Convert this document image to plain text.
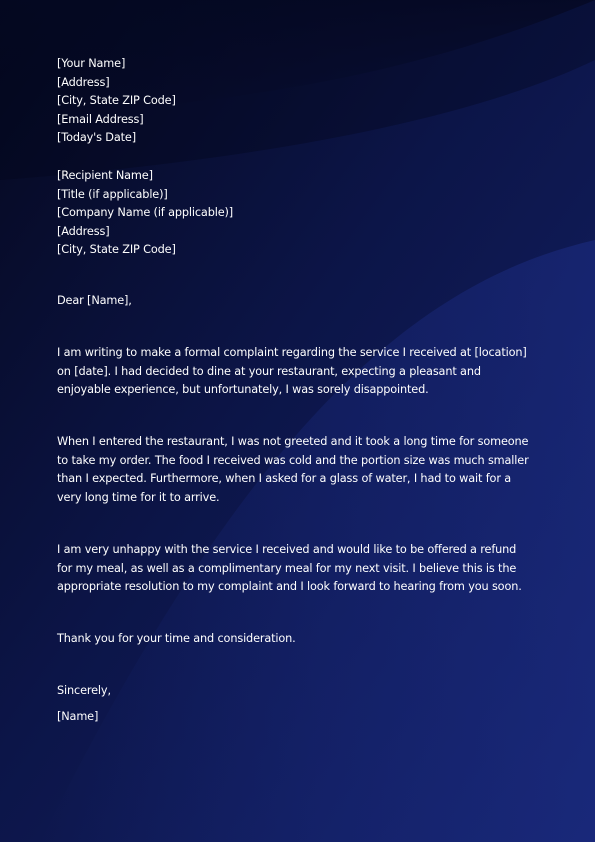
[Your Name]
[Address]
[City, State ZIP Code]
[Email Address]
[Today's Date]
[Recipient Name]
[Title (if applicable)]
[Company Name (if applicable)]
[Address]
[City, State ZIP Code]
Dear [Name],
I am writing to make a formal complaint regarding the service I received at [location]
on [date]. I had decided to dine at your restaurant, expecting a pleasant and
enjoyable experience, but unfortunately, I was sorely disappointed.
When I entered the restaurant, I was not greeted and it took a long time for someone
to take my order. The food I received was cold and the portion size was much smaller
than I expected. Furthermore, when I asked for a glass of water, I had to wait for a
very long time for it to arrive.
I am very unhappy with the service I received and would like to be offered a refund
for my meal, as well as a complimentary meal for my next visit. I believe this is the
appropriate resolution to my complaint and I look forward to hearing from you soon.
Thank you for your time and consideration.
Sincerely,
[Name]
